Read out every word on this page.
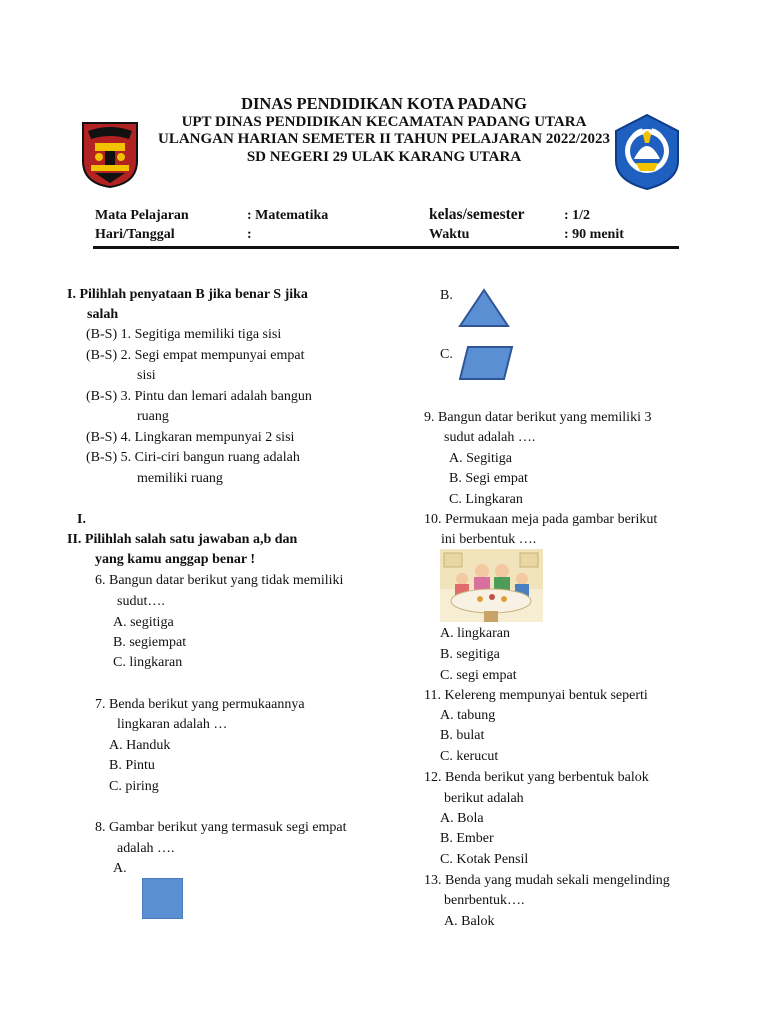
DINAS PENDIDIKAN KOTA PADANG
UPT DINAS PENDIDIKAN KECAMATAN PADANG UTARA
ULANGAN HARIAN SEMETER II TAHUN PELAJARAN 2022/2023
SD NEGERI 29 ULAK KARANG UTARA
Mata Pelajaran	: Matematika	kelas/semester	: 1/2
Hari/Tanggal	:	Waktu	: 90 menit
I. Pilihlah penyataan B jika benar S jika
salah
(B-S) 1. Segitiga memiliki tiga sisi
(B-S) 2. Segi empat mempunyai empat
sisi
(B-S) 3. Pintu dan lemari adalah bangun
ruang
(B-S) 4. Lingkaran mempunyai 2 sisi
(B-S) 5. Ciri-ciri bangun ruang adalah
memiliki ruang
I.
II. Pilihlah salah satu jawaban a,b dan
yang kamu anggap benar !
6. Bangun datar berikut yang tidak memiliki
sudut….
A. segitiga
B. segiempat
C. lingkaran
7. Benda berikut yang permukaannya
lingkaran adalah …
A. Handuk
B. Pintu
C. piring
8. Gambar berikut yang termasuk segi empat
adalah ….
A.
B.
C.
9. Bangun datar berikut yang memiliki 3
sudut adalah ….
A. Segitiga
B. Segi empat
C. Lingkaran
10. Permukaan meja pada gambar berikut
ini berbentuk ….
A. lingkaran
B. segitiga
C. segi empat
11. Kelereng mempunyai bentuk seperti
A. tabung
B. bulat
C. kerucut
12. Benda berikut yang berbentuk balok
berikut adalah
A. Bola
B. Ember
C. Kotak Pensil
13. Benda yang mudah sekali mengelinding
benrbentuk….
A. Balok
